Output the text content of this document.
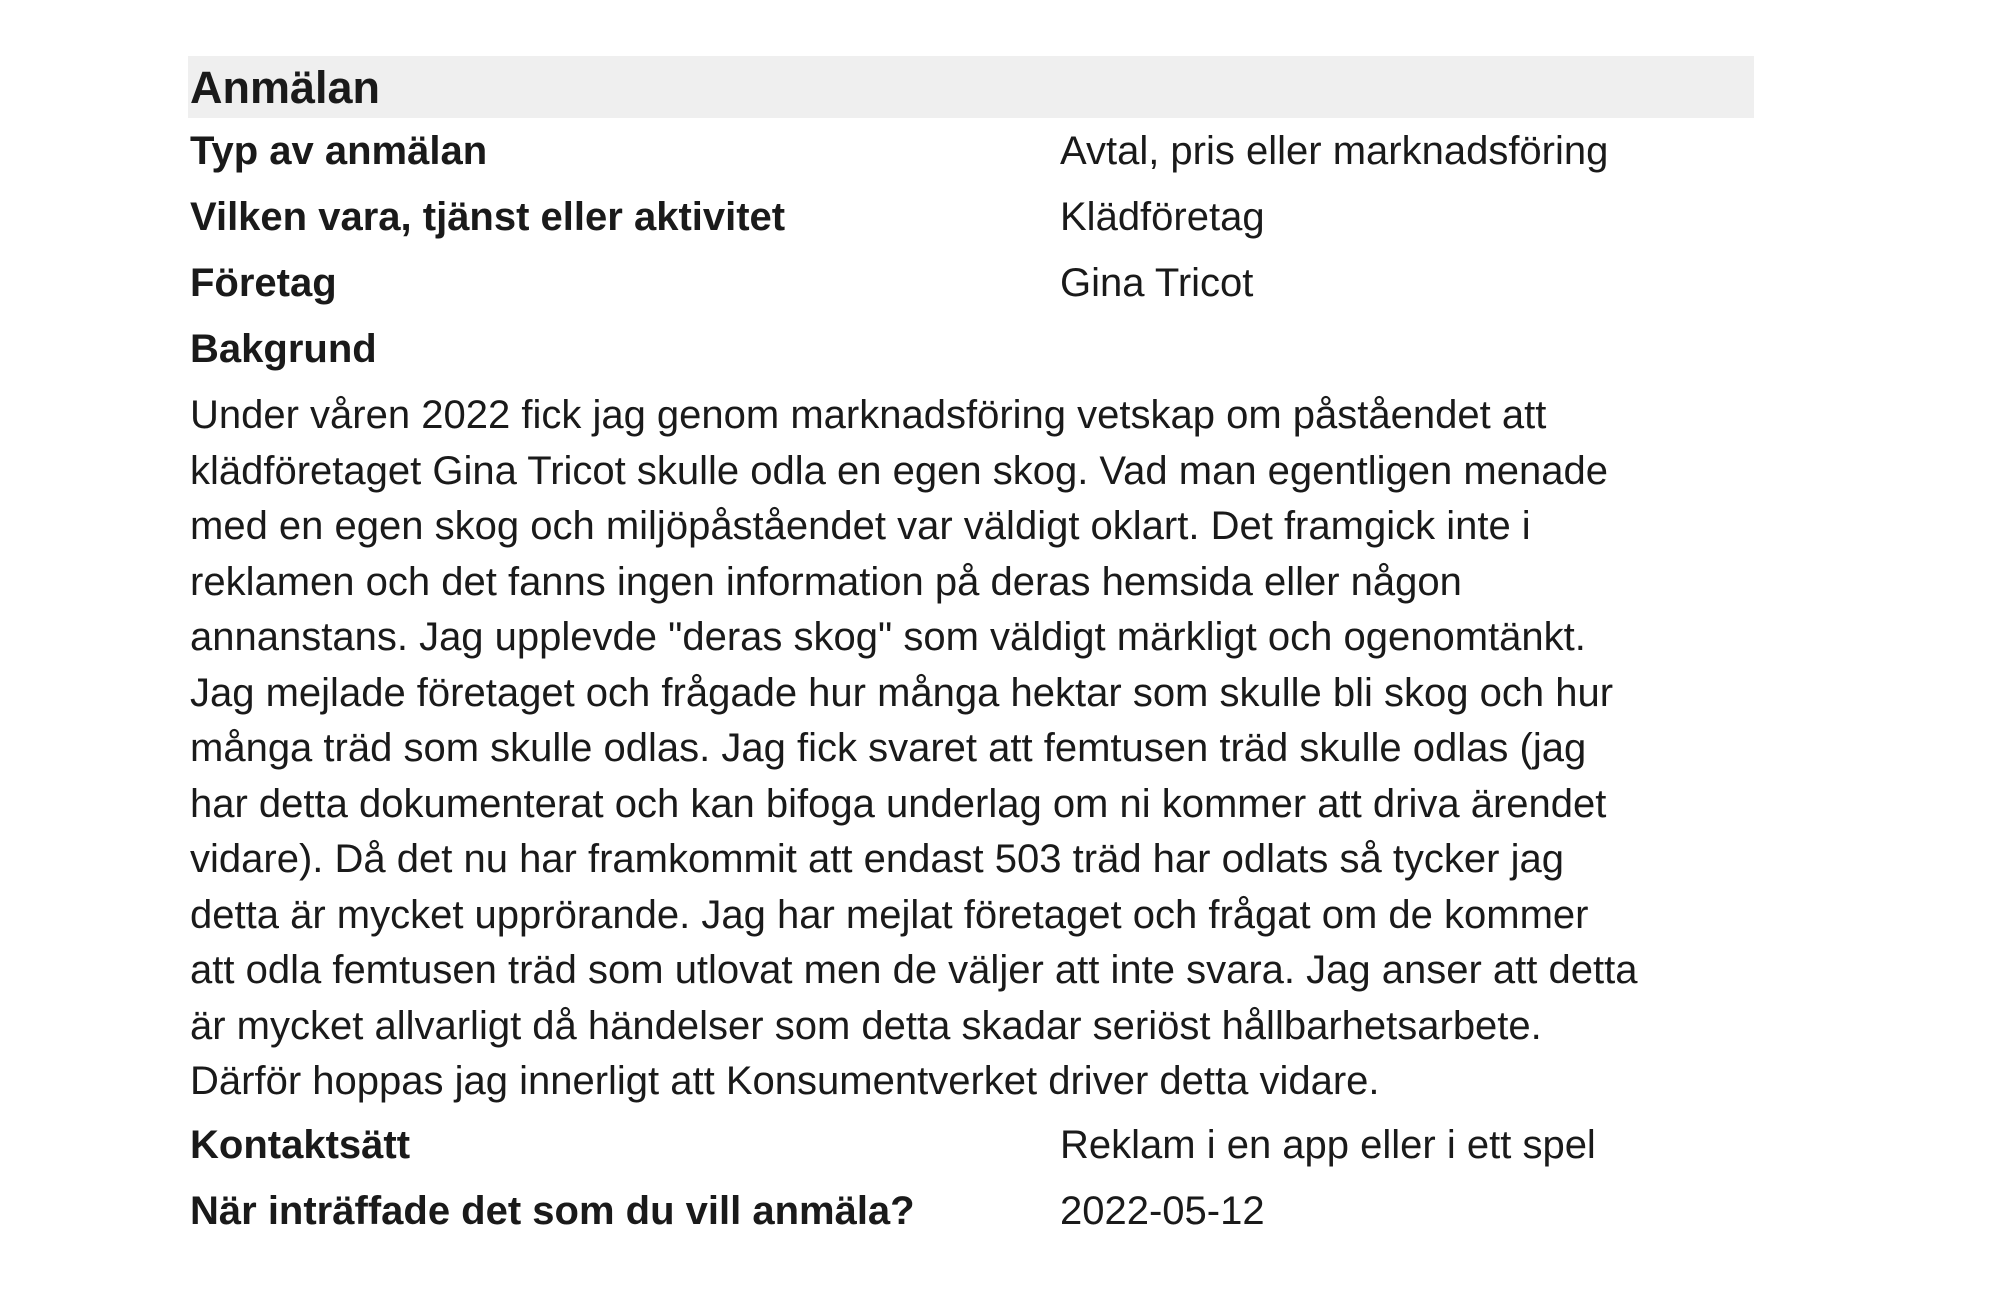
Anmälan
Typ av anmälan	Avtal, pris eller marknadsföring
Vilken vara, tjänst eller aktivitet	Klädföretag
Företag	Gina Tricot
Bakgrund
Under våren 2022 fick jag genom marknadsföring vetskap om påståendet att
klädföretaget Gina Tricot skulle odla en egen skog. Vad man egentligen menade
med en egen skog och miljöpåståendet var väldigt oklart. Det framgick inte i
reklamen och det fanns ingen information på deras hemsida eller någon
annanstans. Jag upplevde "deras skog" som väldigt märkligt och ogenomtänkt.
Jag mejlade företaget och frågade hur många hektar som skulle bli skog och hur
många träd som skulle odlas. Jag fick svaret att femtusen träd skulle odlas (jag
har detta dokumenterat och kan bifoga underlag om ni kommer att driva ärendet
vidare). Då det nu har framkommit att endast 503 träd har odlats så tycker jag
detta är mycket upprörande. Jag har mejlat företaget och frågat om de kommer
att odla femtusen träd som utlovat men de väljer att inte svara. Jag anser att detta
är mycket allvarligt då händelser som detta skadar seriöst hållbarhetsarbete.
Därför hoppas jag innerligt att Konsumentverket driver detta vidare.
Kontaktsätt	Reklam i en app eller i ett spel
När inträffade det som du vill anmäla?	2022-05-12
